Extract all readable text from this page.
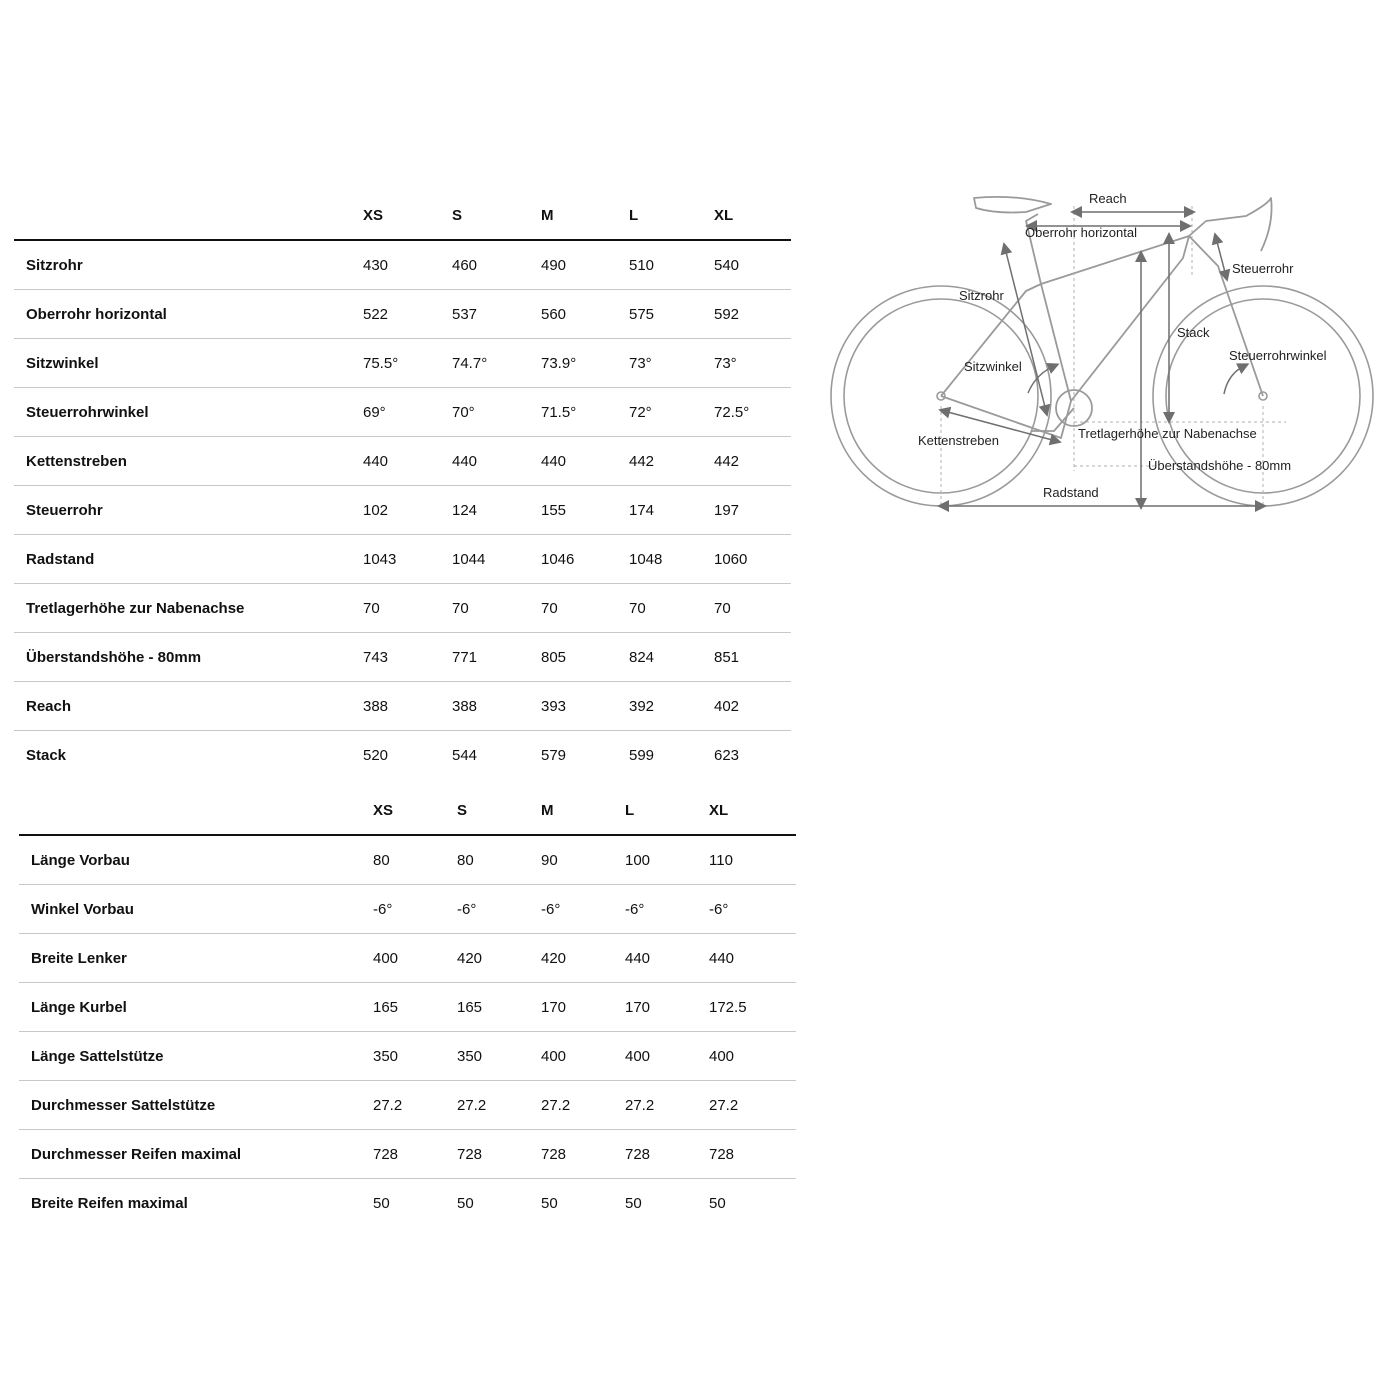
	XS	S	M	L	XL
Sitzrohr	430	460	490	510	540
Oberrohr horizontal	522	537	560	575	592
Sitzwinkel	75.5°	74.7°	73.9°	73°	73°
Steuerrohrwinkel	69°	70°	71.5°	72°	72.5°
Kettenstreben	440	440	440	442	442
Steuerrohr	102	124	155	174	197
Radstand	1043	1044	1046	1048	1060
Tretlagerhöhe zur Nabenachse	70	70	70	70	70
Überstandshöhe - 80mm	743	771	805	824	851
Reach	388	388	393	392	402
Stack	520	544	579	599	623
	XS	S	M	L	XL
Länge Vorbau	80	80	90	100	110
Winkel Vorbau	-6°	-6°	-6°	-6°	-6°
Breite Lenker	400	420	420	440	440
Länge Kurbel	165	165	170	170	172.5
Länge Sattelstütze	350	350	400	400	400
Durchmesser Sattelstütze	27.2	27.2	27.2	27.2	27.2
Durchmesser Reifen maximal	728	728	728	728	728
Breite Reifen maximal	50	50	50	50	50
Reach
Oberrohr horizontal
Steuerrohr
Sitzrohr
Stack
Steuerrohrwinkel
Sitzwinkel
Kettenstreben	Tretlagerhöhe zur Nabenachse
Überstandshöhe - 80mm
Radstand
